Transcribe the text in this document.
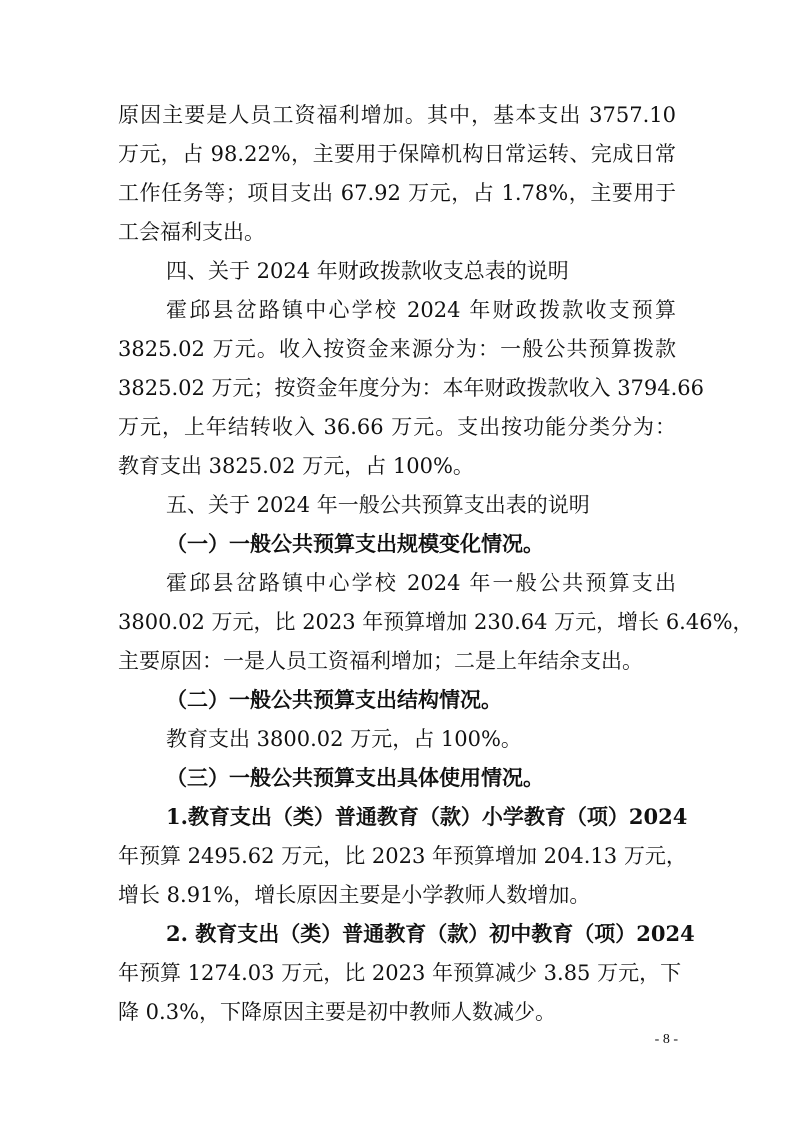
原因主要是人员工资福利增加。其中，基本支出 3757.10
万元，占 98.22%，主要用于保障机构日常运转、完成日常
工作任务等；项目支出 67.92 万元，占 1.78%，主要用于
工会福利支出。
四、关于 2024 年财政拨款收支总表的说明
霍邱县岔路镇中心学校 2024 年财政拨款收支预算
3825.02 万元。收入按资金来源分为：一般公共预算拨款
3825.02 万元；按资金年度分为：本年财政拨款收入 3794.66
万元，上年结转收入 36.66 万元。支出按功能分类分为：
教育支出 3825.02 万元，占 100%。
五、关于 2024 年一般公共预算支出表的说明
（一）一般公共预算支出规模变化情况。
霍邱县岔路镇中心学校 2024 年一般公共预算支出
3800.02 万元，比 2023 年预算增加 230.64 万元，增长 6.46%，
主要原因：一是人员工资福利增加；二是上年结余支出。
（二）一般公共预算支出结构情况。
教育支出 3800.02 万元，占 100%。
（三）一般公共预算支出具体使用情况。
1.教育支出（类）普通教育（款）小学教育（项）2024
年预算 2495.62 万元，比 2023 年预算增加 204.13 万元，
增长 8.91%，增长原因主要是小学教师人数增加。
- 8 -
2. 教育支出（类）普通教育（款）初中教育（项）2024
年预算 1274.03 万元，比 2023 年预算减少 3.85 万元，下
降 0.3%，下降原因主要是初中教师人数减少。
